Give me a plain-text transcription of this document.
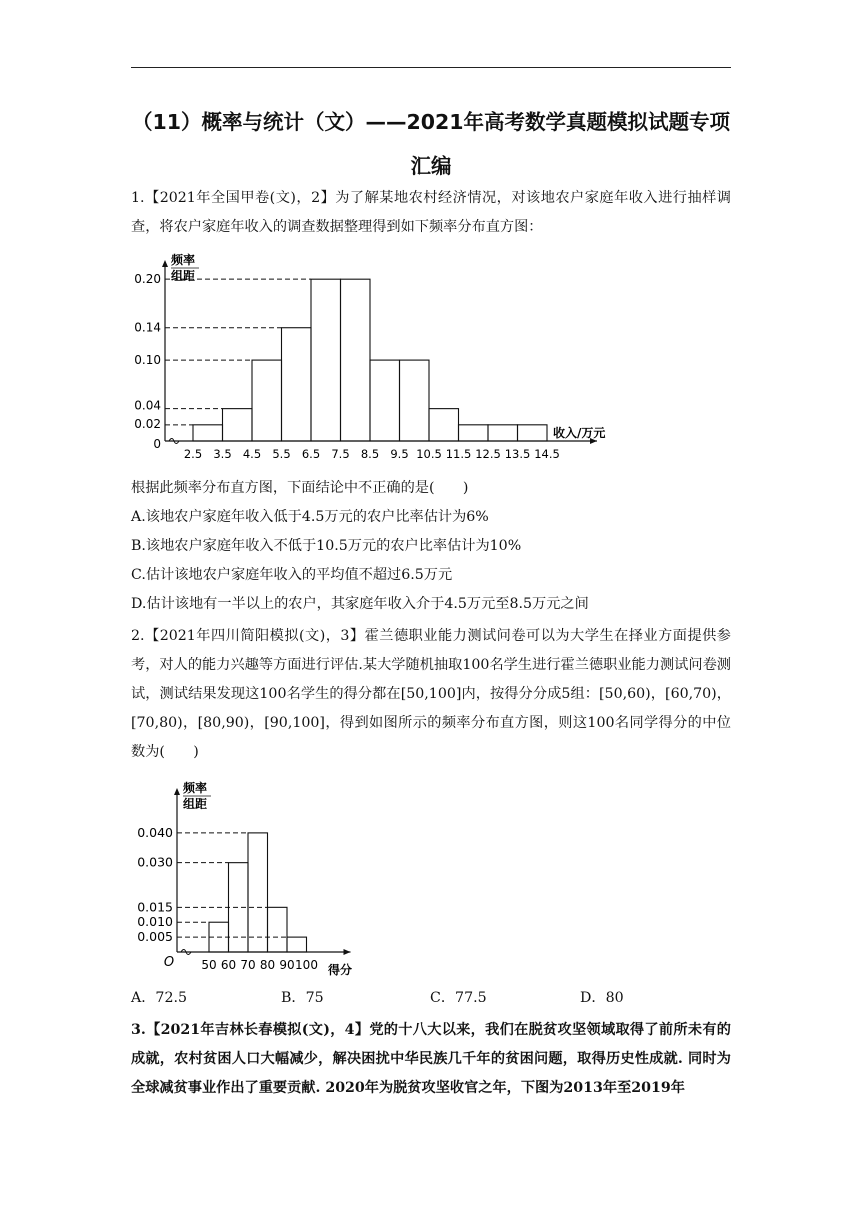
（11）概率与统计（文）——2021年高考数学真题模拟试题专项汇编
1.【2021年全国甲卷(文)，2】为了解某地农村经济情况，对该地农户家庭年收入进行抽样调查，将农户家庭年收入的调查数据整理得到如下频率分布直方图：
频率
组距
0
0.02
0.04
0.10
0.14
0.20
2.5 3.5 4.5 5.5 6.5 7.5 8.5 9.5 10.5 11.5 12.5 13.5 14.5
收入/万元
根据此频率分布直方图，下面结论中不正确的是(　　)
A.该地农户家庭年收入低于4.5万元的农户比率估计为6%
B.该地农户家庭年收入不低于10.5万元的农户比率估计为10%
C.估计该地农户家庭年收入的平均值不超过6.5万元
D.估计该地有一半以上的农户，其家庭年收入介于4.5万元至8.5万元之间
2.【2021年四川简阳模拟(文)，3】霍兰德职业能力测试问卷可以为大学生在择业方面提供参考，对人的能力兴趣等方面进行评估.某大学随机抽取100名学生进行霍兰德职业能力测试问卷测试，测试结果发现这100名学生的得分都在[50,100]内，按得分分成5组：[50,60)，[60,70)，[70,80)，[80,90)，[90,100]，得到如图所示的频率分布直方图，则这100名同学得分的中位数为(　　)
频率
组距
0.005
0.010
0.015
0.030
0.040
50 60 70 80 90 100 得分
O
A．72.5	B．75	C．77.5	D．80
3.【2021年吉林长春模拟(文)，4】党的十八大以来，我们在脱贫攻坚领域取得了前所未有的成就，农村贫困人口大幅减少，解决困扰中华民族几千年的贫困问题，取得历史性成就. 同时为全球减贫事业作出了重要贡献. 2020年为脱贫攻坚收官之年，下图为2013年至2019年
